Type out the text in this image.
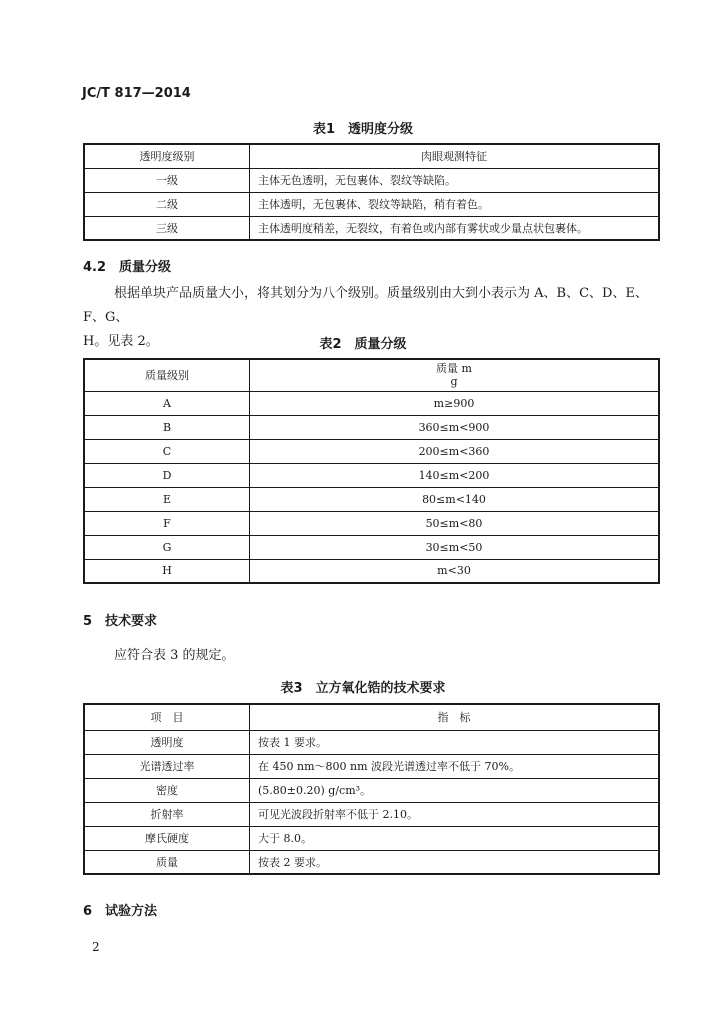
JC/T 817—2014
表1　透明度分级
透明度级别	肉眼观测特征
一级	主体无色透明，无包裹体、裂纹等缺陷。
二级	主体透明，无包裹体、裂纹等缺陷，稍有着色。
三级	主体透明度稍差，无裂纹，有着色或内部有雾状或少量点状包裹体。
4.2　质量分级
根据单块产品质量大小，将其划分为八个级别。质量级别由大到小表示为 A、B、C、D、E、F、G、
H。见表 2。	表2　质量分级
质量级别	质量 m
g

A	m≥900
B	360≤m<900
C	200≤m<360
D	140≤m<200
E	80≤m<140
F	50≤m<80
G	30≤m<50
H	m<30
5　技术要求
应符合表 3 的规定。
表3　立方氧化锆的技术要求
项　目	指　标
透明度	按表 1 要求。
光谱透过率	在 450 nm～800 nm 波段光谱透过率不低于 70%。
密度	(5.80±0.20) g/cm³。
折射率	可见光波段折射率不低于 2.10。
摩氏硬度	大于 8.0。
质量	按表 2 要求。
6　试验方法
2
